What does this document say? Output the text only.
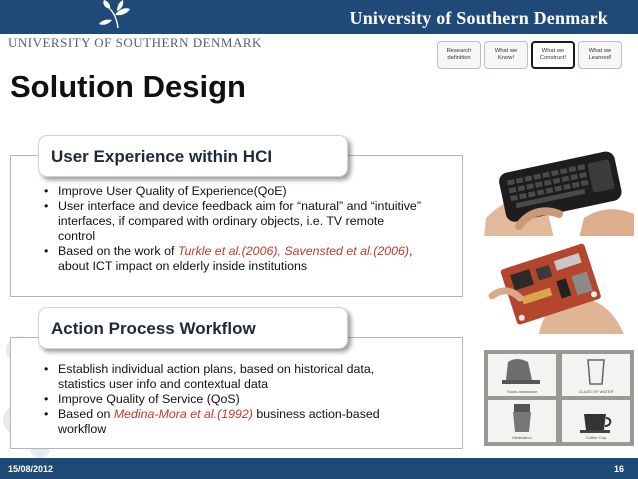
University of Southern Denmark
UNIVERSITY OF SOUTHERN DENMARK
Research
definition
What we
Know!
What we
Construct!
What we
Learned!
Solution Design
User Experience within HCI
• Improve User Quality of Experience(QoE)
• User interface and device feedback aim for “natural” and “intuitive” interfaces, if compared with ordinary objects, i.e. TV remote control
• Based on the work of Turkle et al.(2006), Savensted et al.(2006), about ICT impact on elderly inside institutions
Action Process Workflow
• Establish individual action plans, based on historical data, statistics user info and contextual data
• Improve Quality of Service (QoS)
• Based on Medina-Mora et al.(1992) business action-based workflow
Toods assistance	GLASS OF WATER
Medication	Coffee Cup
15/08/2012	16
